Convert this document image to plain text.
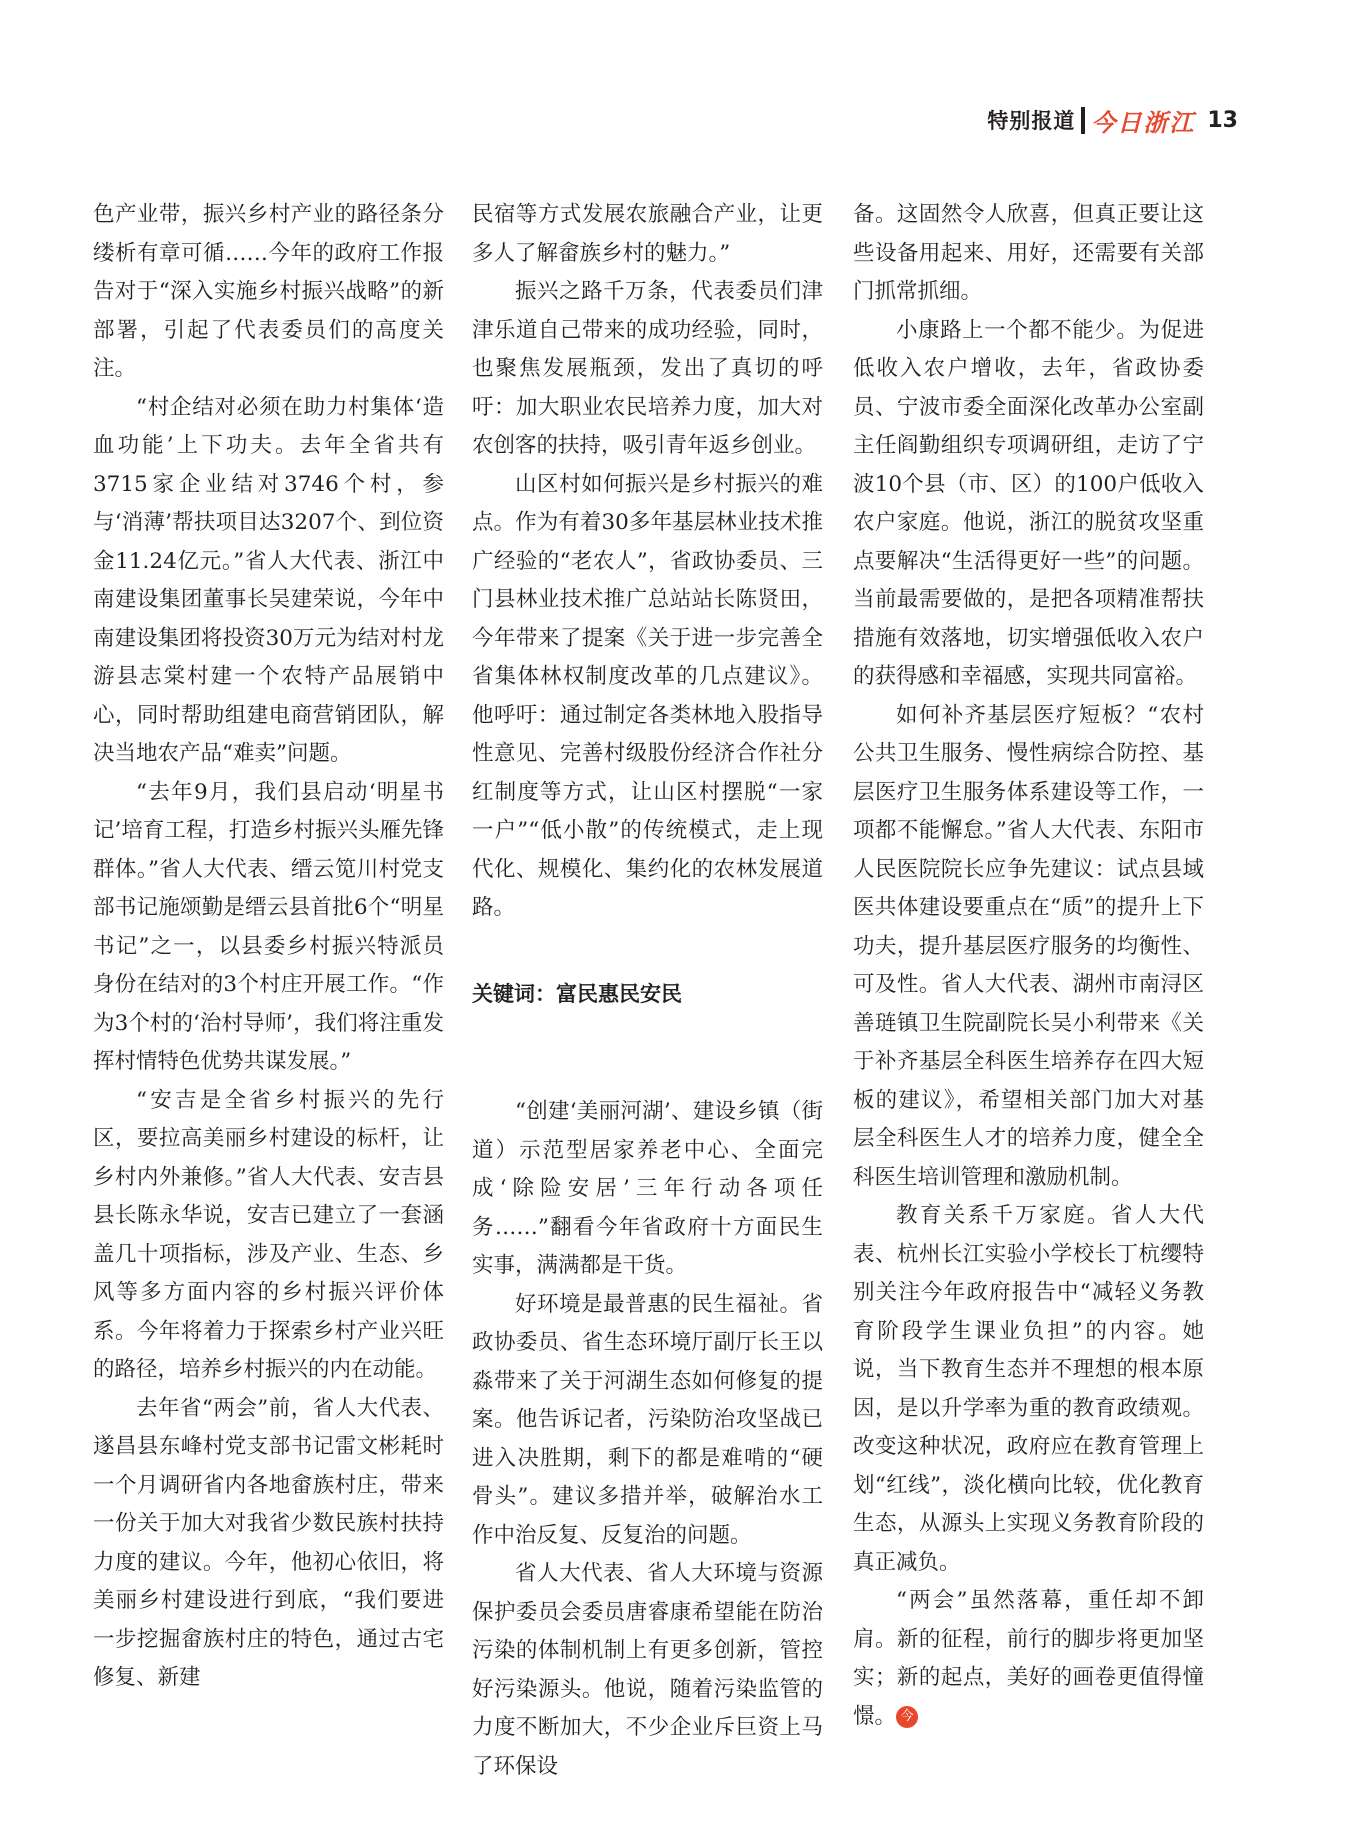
特别报道 今日浙江 13

色产业带，振兴乡村产业的路径条分缕析有章可循……今年的政府工作报告对于“深入实施乡村振兴战略”的新部署，引起了代表委员们的高度关注。

“村企结对必须在助力村集体‘造血功能’上下功夫。去年全省共有3715家企业结对3746个村，参与‘消薄’帮扶项目达3207个、到位资金11.24亿元。”省人大代表、浙江中南建设集团董事长吴建荣说，今年中南建设集团将投资30万元为结对村龙游县志棠村建一个农特产品展销中心，同时帮助组建电商营销团队，解决当地农产品“难卖”问题。

“去年9月，我们县启动‘明星书记’培育工程，打造乡村振兴头雁先锋群体。”省人大代表、缙云笕川村党支部书记施颂勤是缙云县首批6个“明星书记”之一，以县委乡村振兴特派员身份在结对的3个村庄开展工作。“作为3个村的‘治村导师’，我们将注重发挥村情特色优势共谋发展。”

“安吉是全省乡村振兴的先行区，要拉高美丽乡村建设的标杆，让乡村内外兼修。”省人大代表、安吉县县长陈永华说，安吉已建立了一套涵盖几十项指标，涉及产业、生态、乡风等多方面内容的乡村振兴评价体系。今年将着力于探索乡村产业兴旺的路径，培养乡村振兴的内在动能。

去年省“两会”前，省人大代表、遂昌县东峰村党支部书记雷文彬耗时一个月调研省内各地畲族村庄，带来一份关于加大对我省少数民族村扶持力度的建议。今年，他初心依旧，将美丽乡村建设进行到底，“我们要进一步挖掘畲族村庄的特色，通过古宅修复、新建

民宿等方式发展农旅融合产业，让更多人了解畲族乡村的魅力。”

振兴之路千万条，代表委员们津津乐道自己带来的成功经验，同时，也聚焦发展瓶颈，发出了真切的呼吁：加大职业农民培养力度，加大对农创客的扶持，吸引青年返乡创业。

山区村如何振兴是乡村振兴的难点。作为有着30多年基层林业技术推广经验的“老农人”，省政协委员、三门县林业技术推广总站站长陈贤田，今年带来了提案《关于进一步完善全省集体林权制度改革的几点建议》。他呼吁：通过制定各类林地入股指导性意见、完善村级股份经济合作社分红制度等方式，让山区村摆脱“一家一户”“低小散”的传统模式，走上现代化、规模化、集约化的农林发展道路。

关键词：富民惠民安民

“创建‘美丽河湖’、建设乡镇（街道）示范型居家养老中心、全面完成‘除险安居’三年行动各项任务……”翻看今年省政府十方面民生实事，满满都是干货。

好环境是最普惠的民生福祉。省政协委员、省生态环境厅副厅长王以淼带来了关于河湖生态如何修复的提案。他告诉记者，污染防治攻坚战已进入决胜期，剩下的都是难啃的“硬骨头”。建议多措并举，破解治水工作中治反复、反复治的问题。

省人大代表、省人大环境与资源保护委员会委员唐睿康希望能在防治污染的体制机制上有更多创新，管控好污染源头。他说，随着污染监管的力度不断加大，不少企业斥巨资上马了环保设

备。这固然令人欣喜，但真正要让这些设备用起来、用好，还需要有关部门抓常抓细。

小康路上一个都不能少。为促进低收入农户增收，去年，省政协委员、宁波市委全面深化改革办公室副主任阎勤组织专项调研组，走访了宁波10个县（市、区）的100户低收入农户家庭。他说，浙江的脱贫攻坚重点要解决“生活得更好一些”的问题。当前最需要做的，是把各项精准帮扶措施有效落地，切实增强低收入农户的获得感和幸福感，实现共同富裕。

如何补齐基层医疗短板？“农村公共卫生服务、慢性病综合防控、基层医疗卫生服务体系建设等工作，一项都不能懈怠。”省人大代表、东阳市人民医院院长应争先建议：试点县域医共体建设要重点在“质”的提升上下功夫，提升基层医疗服务的均衡性、可及性。省人大代表、湖州市南浔区善琏镇卫生院副院长吴小利带来《关于补齐基层全科医生培养存在四大短板的建议》，希望相关部门加大对基层全科医生人才的培养力度，健全全科医生培训管理和激励机制。

教育关系千万家庭。省人大代表、杭州长江实验小学校长丁杭缨特别关注今年政府报告中“减轻义务教育阶段学生课业负担”的内容。她说，当下教育生态并不理想的根本原因，是以升学率为重的教育政绩观。改变这种状况，政府应在教育管理上划“红线”，淡化横向比较，优化教育生态，从源头上实现义务教育阶段的真正减负。

“两会”虽然落幕，重任却不卸肩。新的征程，前行的脚步将更加坚实；新的起点，美好的画卷更值得憧憬。 今
